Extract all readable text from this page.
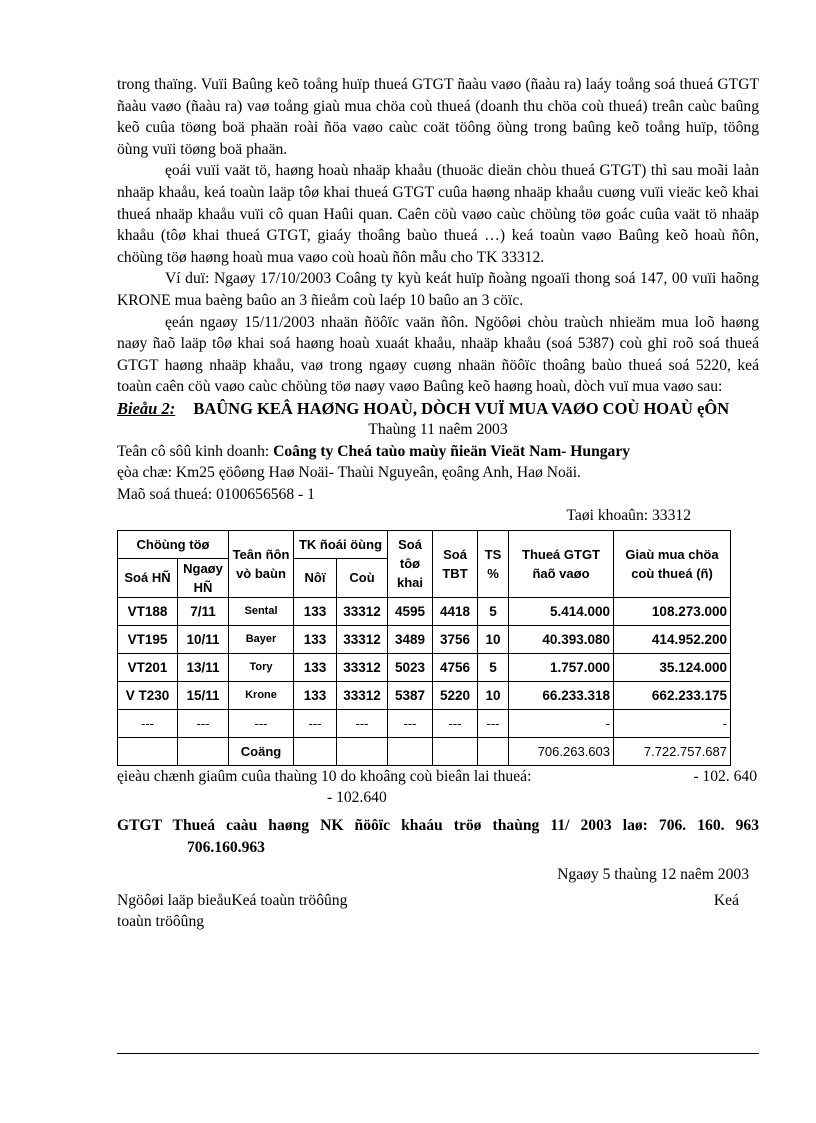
trong thaïng. Vuïi Baûng keõ toång huïp thueá GTGT ñaàu vaøo (ñaàu ra) laáy toång soá thueá GTGT ñaàu vaøo (ñaàu ra) vaø toång giaù mua chöa coù thueá (doanh thu chöa coù thueá) treân caùc baûng keõ cuûa töøng boä phaän roài ñöa vaøo caùc coät töông öùng trong baûng keõ toång huïp, töông öùng vuïi töøng boä phaän.

ęoái vuïi vaät tö, haøng hoaù nhaäp khaåu (thuoäc dieän chòu thueá GTGT) thì sau moãi laàn nhaäp khaåu, keá toaùn laäp tôø khai thueá GTGT cuûa haøng nhaäp khaåu cuøng vuïi vieäc keõ khai thueá nhaäp khaåu vuïi cô quan Haûi quan. Caên cöù vaøo caùc chöùng töø goác cuûa vaät tö nhaäp khaåu (tôø khai thueá GTGT, giaáy thoâng baùo thueá …) keá toaùn vaøo Baûng keõ hoaù ñôn, chöùng töø haøng hoaù mua vaøo coù hoaù ñôn mẫu cho TK 33312.

Ví duï: Ngaøy 17/10/2003 Coâng ty kyù keát huïp ñoàng ngoaïi thong soá 147, 00 vuïi haõng KRONE mua baèng baûo an 3 ñieåm coù laép 10 baûo an 3 cöïc.

ęeán ngaøy 15/11/2003 nhaän ñöôïc vaän ñôn. Ngöôøi chòu traùch nhieäm mua loõ haøng naøy ñaõ laäp tôø khai soá haøng hoaù xuaát khaåu, nhaäp khaåu (soá 5387) coù ghi roõ soá thueá GTGT haøng nhaäp khaåu, vaø trong ngaøy cuøng nhaän ñöôïc thoâng baùo thueá soá 5220, keá toaùn caên cöù vaøo caùc chöùng töø naøy vaøo Baûng keõ haøng hoaù, dòch vuï mua vaøo sau:

Bieåu 2: BAÛNG KEÂ HAØNG HOAÙ, DÒCH VUÏ MUA VAØO COÙ HOAÙ ęÔN

Thaùng 11 naêm 2003

Teân cô sôû kinh doanh: Coâng ty Cheá taùo maùy ñieän Vieät Nam- Hungary

ęòa chæ: Km25 ęöôøng Haø Noäi- Thaùi Nguyeân, ęoâng Anh, Haø Noäi.

Maõ soá thueá: 0100656568 - 1

Taøi khoaûn: 33312

Chöùng töø		Teân ñôn vò baùn	TK ñoái öùng		Soá tôø khai	Soá TBT	TS %	Thueá GTGT ñaõ vaøo	Giaù mua chöa coù thueá (ñ)
Soá HÑ	Ngaøy HÑ		Nôï	Coù					
VT188	7/11	Sental	133	33312	4595	4418	5	5.414.000	108.273.000
VT195	10/11	Bayer	133	33312	3489	3756	10	40.393.080	414.952.200
VT201	13/11	Tory	133	33312	5023	4756	5	1.757.000	35.124.000
V T230	15/11	Krone	133	33312	5387	5220	10	66.233.318	662.233.175
---	---	---	---	---	---	---	---	-	-
		Coäng						706.263.603	7.722.757.687

ęieàu chænh giaûm cuûa thaùng 10 do khoâng coù bieân lai thueá:	- 102. 640

- 102.640

GTGT Thueá caàu haøng NK ñöôïc khaáu tröø thaùng 11/ 2003 laø: 706. 160. 963 706.160.963

Ngaøy 5 thaùng 12 naêm 2003

Ngöôøi laäp bieåu Keá toaùn tröôûng	Keá

toaùn tröôûng
